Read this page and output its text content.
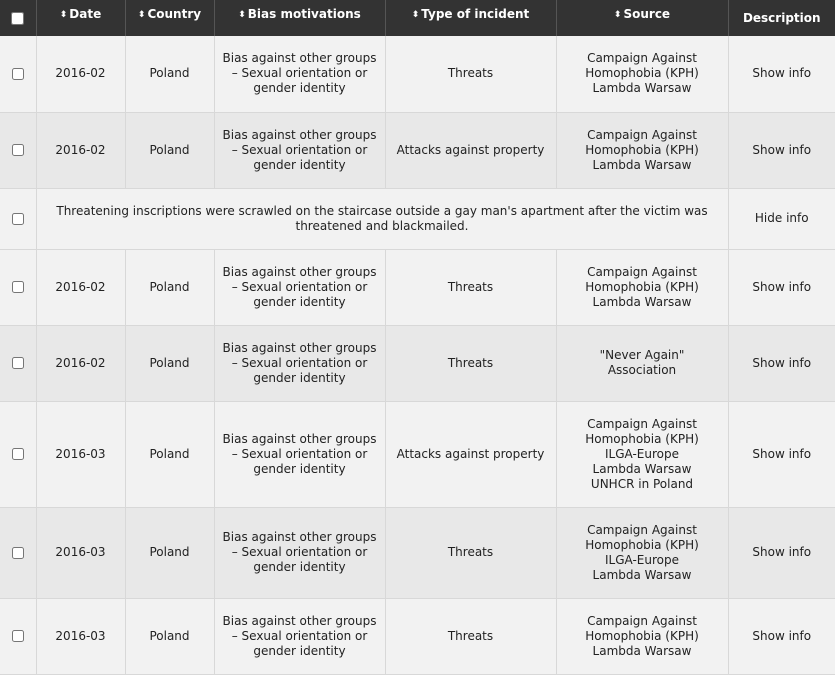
	⬍ Date	⬍ Country	⬍ Bias motivations	⬍ Type of incident	⬍ Source	Description
	2016-02	Poland	Bias against other groups – Sexual orientation or gender identity	Threats	Campaign Against
Homophobia (KPH)
Lambda Warsaw	Show info
	2016-02	Poland	Bias against other groups – Sexual orientation or gender identity	Attacks against property	Campaign Against
Homophobia (KPH)
Lambda Warsaw	Show info
	Threatening inscriptions were scrawled on the staircase outside a gay man's apartment after the victim was threatened and blackmailed.					Hide info
	2016-02	Poland	Bias against other groups – Sexual orientation or gender identity	Threats	Campaign Against
Homophobia (KPH)
Lambda Warsaw	Show info
	2016-02	Poland	Bias against other groups – Sexual orientation or gender identity	Threats	"Never Again" Association	Show info
	2016-03	Poland	Bias against other groups – Sexual orientation or gender identity	Attacks against property	Campaign Against
Homophobia (KPH)
ILGA-Europe
Lambda Warsaw
UNHCR in Poland	Show info
	2016-03	Poland	Bias against other groups – Sexual orientation or gender identity	Threats	Campaign Against
Homophobia (KPH)
ILGA-Europe
Lambda Warsaw	Show info
	2016-03	Poland	Bias against other groups – Sexual orientation or gender identity	Threats	Campaign Against
Homophobia (KPH)
Lambda Warsaw	Show info
